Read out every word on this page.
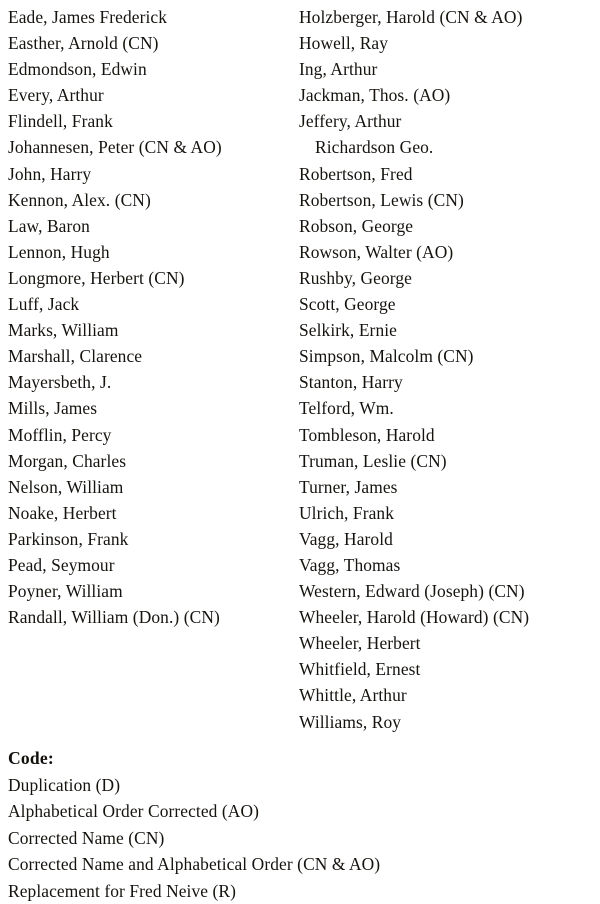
Eade, James Frederick
Easther, Arnold (CN)
Edmondson, Edwin
Every, Arthur
Flindell, Frank
Johannesen, Peter (CN & AO)
John, Harry
Kennon, Alex. (CN)
Law, Baron
Lennon, Hugh
Longmore, Herbert (CN)
Luff, Jack
Marks, William
Marshall, Clarence
Mayersbeth, J.
Mills, James
Mofflin, Percy
Morgan, Charles
Nelson, William
Noake, Herbert
Parkinson, Frank
Pead, Seymour
Poyner, William
Randall, William (Don.) (CN)
Holzberger, Harold (CN & AO)
Howell, Ray
Ing, Arthur
Jackman, Thos. (AO)
Jeffery, Arthur
Richardson Geo.
Robertson, Fred
Robertson, Lewis (CN)
Robson, George
Rowson, Walter (AO)
Rushby, George
Scott, George
Selkirk, Ernie
Simpson, Malcolm (CN)
Stanton, Harry
Telford, Wm.
Tombleson, Harold
Truman, Leslie (CN)
Turner, James
Ulrich, Frank
Vagg, Harold
Vagg, Thomas
Western, Edward (Joseph) (CN)
Wheeler, Harold (Howard) (CN)
Wheeler, Herbert
Whitfield, Ernest
Whittle, Arthur
Williams, Roy
Code:
Duplication (D)
Alphabetical Order Corrected (AO)
Corrected Name (CN)
Corrected Name and Alphabetical Order (CN & AO)
Replacement for Fred Neive (R)
